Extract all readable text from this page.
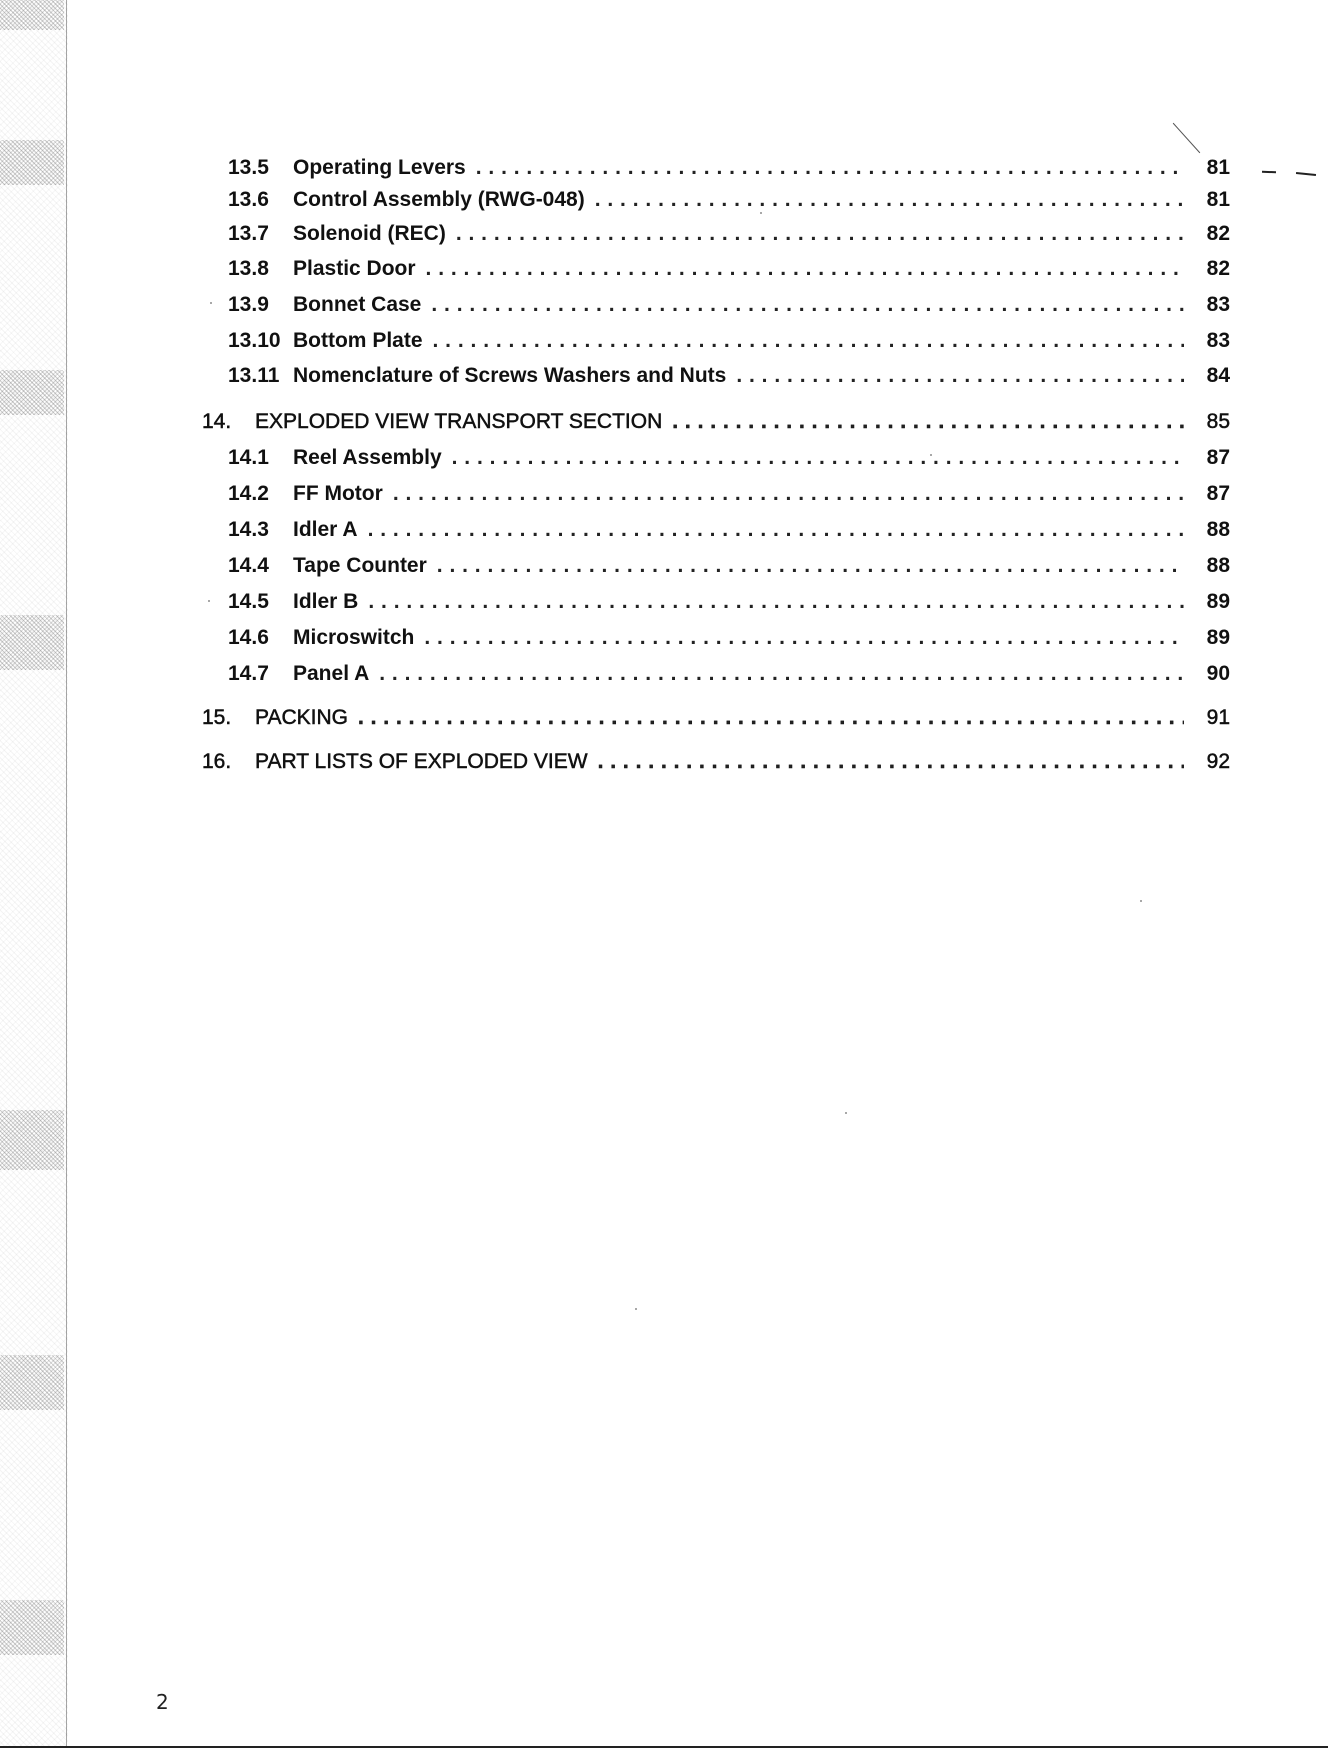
13.5	Operating Levers . . .	81
13.6	Control Assembly (RWG-048) . . .	81
13.7	Solenoid (REC) . . .	82
13.8	Plastic Door . . .	82
13.9	Bonnet Case . . .	83
13.10 Bottom Plate . . .	83
13.11 Nomenclature of Screws Washers and Nuts . . .	84
14.	EXPLODED VIEW TRANSPORT SECTION . . .	85
14.1	Reel Assembly . . .	87
14.2	FF Motor . . .	87
14.3	Idler A . . .	88
14.4	Tape Counter . . .	88
14.5	Idler B . . .	89
14.6	Microswitch . . .	89
14.7	Panel A . . .	90
15.	PACKING . . .	91
16.	PART LISTS OF EXPLODED VIEW . . .	92
2
